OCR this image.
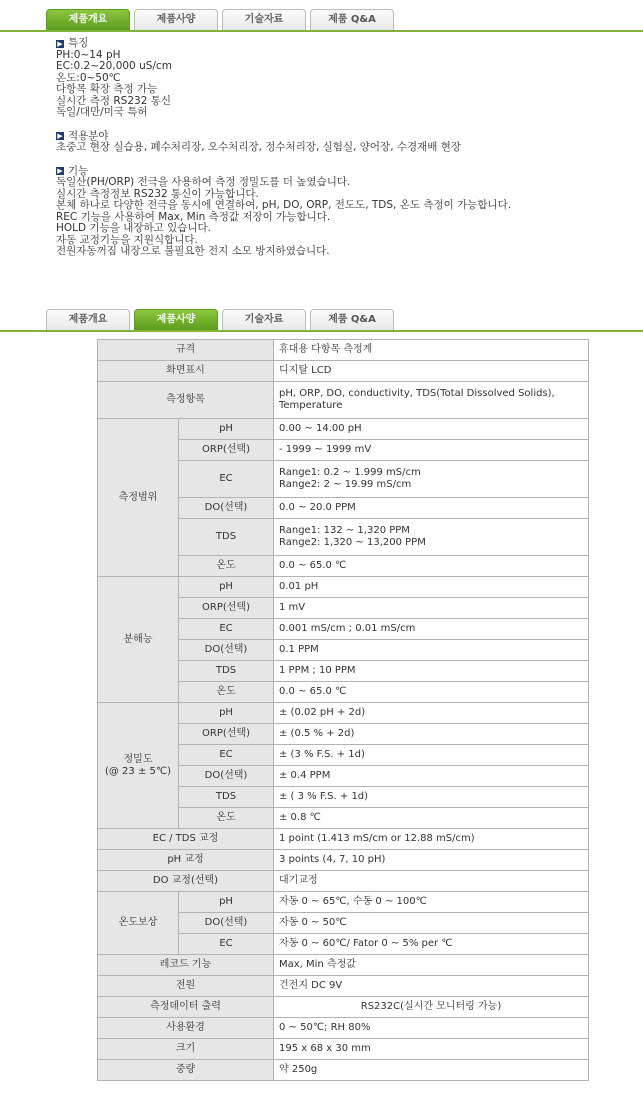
제품개요	제품사양	기술자료	제품 Q&A
▶ 특징
PH:0~14 pH
EC:0.2~20,000 uS/cm
온도:0~50℃
다항목 확장 측정 가능
실시간 측정 RS232 통신
독일/대만/미국 특허
▶ 적용분야
초중고 현장 실습용, 폐수처리장, 오수처리장, 정수처리장, 실험실, 양어장, 수경재배 현장
▶ 기능
독일산(PH/ORP) 전극을 사용하여 측정 정밀도를 더 높였습니다.
실시간 측정정보 RS232 통신이 가능합니다.
본체 하나로 다양한 전극을 동시에 연결하여, pH, DO, ORP, 전도도, TDS, 온도 측정이 가능합니다.
REC 기능을 사용하여 Max, Min 측정값 저장이 가능합니다.
HOLD 기능을 내장하고 있습니다.
자동 교정기능을 지원식합니다.
전원자동꺼짐 내장으로 불필요한 전지 소모 방지하였습니다.
제품개요	제품사양	기술자료	제품 Q&A
규격		휴대용 다항목 측정계
화면표시		디지탈 LCD
측정항목		pH, ORP, DO, conductivity, TDS(Total Dissolved Solids), Temperature
측정범위	pH	0.00 ~ 14.00 pH
	ORP(선택)	- 1999 ~ 1999 mV
	EC	Range1: 0.2 ~ 1.999 mS/cm
Range2: 2 ~ 19.99 mS/cm
	DO(선택)	0.0 ~ 20.0 PPM
	TDS	Range1: 132 ~ 1,320 PPM
Range2: 1,320 ~ 13,200 PPM
	온도	0.0 ~ 65.0 ℃
분해능	pH	0.01 pH
	ORP(선택)	1 mV
	EC	0.001 mS/cm ; 0.01 mS/cm
	DO(선택)	0.1 PPM
	TDS	1 PPM ; 10 PPM
	온도	0.0 ~ 65.0 ℃
정밀도
(@ 23 ± 5℃)	pH	± (0.02 pH + 2d)
	ORP(선택)	± (0.5 % + 2d)
	EC	± (3 % F.S. + 1d)
	DO(선택)	± 0.4 PPM
	TDS	± ( 3 % F.S. + 1d)
	온도	± 0.8 ℃
EC / TDS 교정		1 point (1.413 mS/cm or 12.88 mS/cm)
pH 교정		3 points (4, 7, 10 pH)
DO 교정(선택)		대기교정
온도보상	pH	자동 0 ~ 65℃, 수동 0 ~ 100℃
	DO(선택)	자동 0 ~ 50℃
	EC	자동 0 ~ 60℃/ Fator 0 ~ 5% per ℃
레코드 기능		Max, Min 측정값
전원		건전지 DC 9V
측정데이터 출력		RS232C(실시간 모니터링 가능)
사용환경		0 ~ 50℃; RH 80%
크기		195 x 68 x 30 mm
중량		약 250g
